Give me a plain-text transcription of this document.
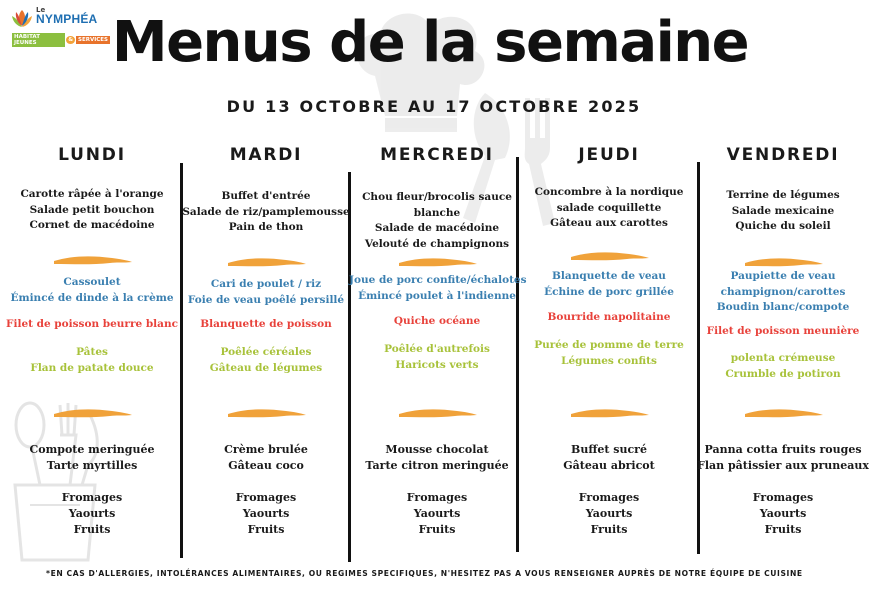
Le
NYMPHÉA
HABITAT JEUNES	& SERVICES Menus de la semaine
DU 13 OCTOBRE AU 17 OCTOBRE 2025
LUNDI
Carotte râpée à l'orange
Salade petit bouchon
Cornet de macédoine
Cassoulet
Émincé de dinde à la crème
Filet de poisson beurre blanc
Pâtes
Flan de patate douce
Compote meringuée
Tarte myrtilles
Fromages
Yaourts
Fruits
MARDI
Buffet d'entrée
Salade de riz/pamplemousse
Pain de thon
Cari de poulet / riz
Foie de veau poêlé persillé
Blanquette de poisson
Poêlée céréales
Gâteau de légumes
Crème brulée
Gâteau coco
Fromages
Yaourts
Fruits
MERCREDI
Chou fleur/brocolis sauce
blanche
Salade de macédoine
Velouté de champignons
Joue de porc confite/échalotes
Émincé poulet à l'indienne
Quiche océane
Poêlée d'autrefois
Haricots verts
Mousse chocolat
Tarte citron meringuée
Fromages
Yaourts
Fruits
JEUDI
Concombre à la nordique
salade coquillette
Gâteau aux carottes
Blanquette de veau
Échine de porc grillée
Bourride napolitaine
Purée de pomme de terre
Légumes confits
Buffet sucré
Gâteau abricot
Fromages
Yaourts
Fruits
VENDREDI
Terrine de légumes
Salade mexicaine
Quiche du soleil
Paupiette de veau
champignon/carottes
Boudin blanc/compote
Filet de poisson meunière
polenta crémeuse
Crumble de potiron
Panna cotta fruits rouges
Flan pâtissier aux pruneaux
Fromages
Yaourts
Fruits
*EN CAS D'ALLERGIES, INTOLÉRANCES ALIMENTAIRES, OU REGIMES SPECIFIQUES, N'HESITEZ PAS A VOUS RENSEIGNER AUPRÈS DE NOTRE ÉQUIPE DE CUISINE
